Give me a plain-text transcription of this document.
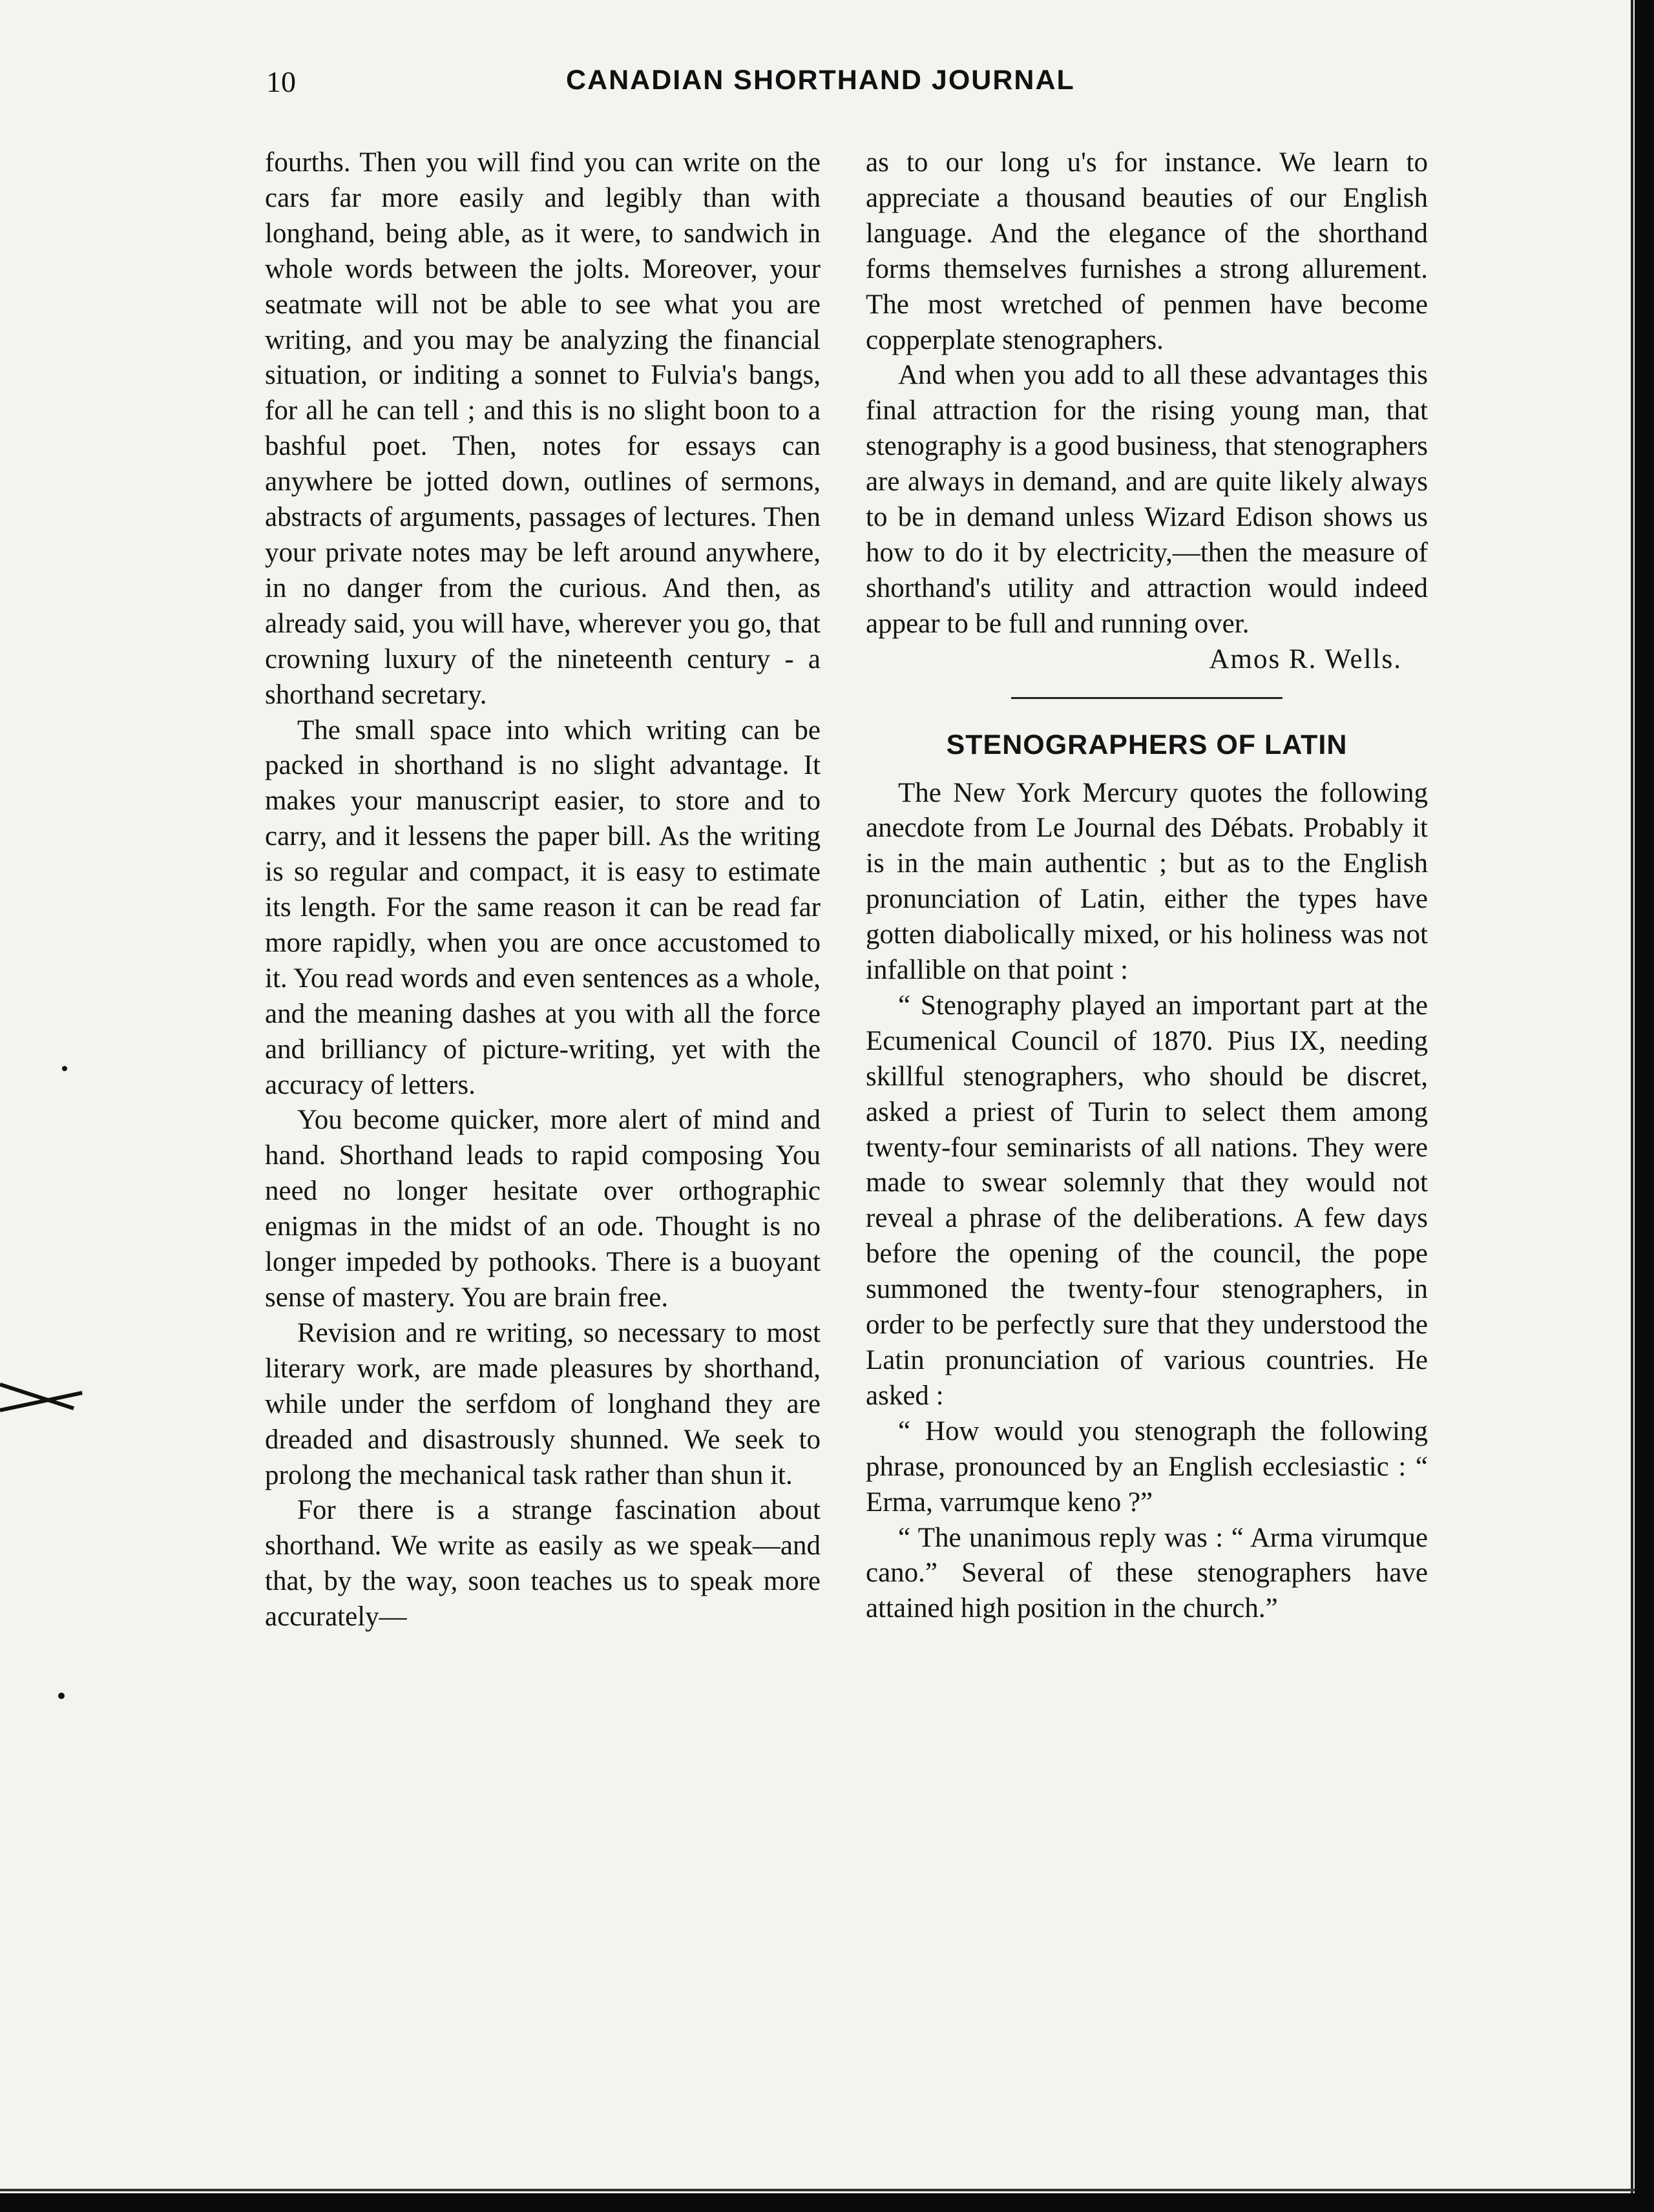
10	CANADIAN SHORTHAND JOURNAL

fourths. Then you will find you can write on the cars far more easily and legibly than with longhand, being able, as it were, to sandwich in whole words between the jolts. Moreover, your seatmate will not be able to see what you are writing, and you may be analyzing the financial situation, or inditing a sonnet to Fulvia's bangs, for all he can tell ; and this is no slight boon to a bashful poet. Then, notes for essays can anywhere be jotted down, outlines of sermons, abstracts of arguments, passages of lectures. Then your private notes may be left around anywhere, in no danger from the curious. And then, as already said, you will have, wherever you go, that crowning luxury of the nineteenth century - a shorthand secretary.

The small space into which writing can be packed in shorthand is no slight advantage. It makes your manuscript easier, to store and to carry, and it lessens the paper bill. As the writing is so regular and compact, it is easy to estimate its length. For the same reason it can be read far more rapidly, when you are once accustomed to it. You read words and even sentences as a whole, and the meaning dashes at you with all the force and brilliancy of picture-writing, yet with the accuracy of letters.

You become quicker, more alert of mind and hand. Shorthand leads to rapid composing You need no longer hesitate over orthographic enigmas in the midst of an ode. Thought is no longer impeded by pothooks. There is a buoyant sense of mastery. You are brain free.

Revision and re writing, so necessary to most literary work, are made pleasures by shorthand, while under the serfdom of longhand they are dreaded and disastrously shunned. We seek to prolong the mechanical task rather than shun it.

For there is a strange fascination about shorthand. We write as easily as we speak—and that, by the way, soon teaches us to speak more accurately—

as to our long u's for instance. We learn to appreciate a thousand beauties of our English language. And the elegance of the shorthand forms themselves furnishes a strong allurement. The most wretched of penmen have become copperplate stenographers.

And when you add to all these advantages this final attraction for the rising young man, that stenography is a good business, that stenographers are always in demand, and are quite likely always to be in demand unless Wizard Edison shows us how to do it by electricity,—then the measure of shorthand's utility and attraction would indeed appear to be full and running over.

Amos R. Wells.

STENOGRAPHERS OF LATIN

The New York Mercury quotes the following anecdote from Le Journal des Débats. Probably it is in the main authentic ; but as to the English pronunciation of Latin, either the types have gotten diabolically mixed, or his holiness was not infallible on that point :

“ Stenography played an important part at the Ecumenical Council of 1870. Pius IX, needing skillful stenographers, who should be discret, asked a priest of Turin to select them among twenty-four seminarists of all nations. They were made to swear solemnly that they would not reveal a phrase of the deliberations. A few days before the opening of the council, the pope summoned the twenty-four stenographers, in order to be perfectly sure that they understood the Latin pronunciation of various countries. He asked :

“ How would you stenograph the following phrase, pronounced by an English ecclesiastic : “ Erma, varrumque keno ?”

“ The unanimous reply was : “ Arma virumque cano.” Several of these stenographers have attained high position in the church.”
